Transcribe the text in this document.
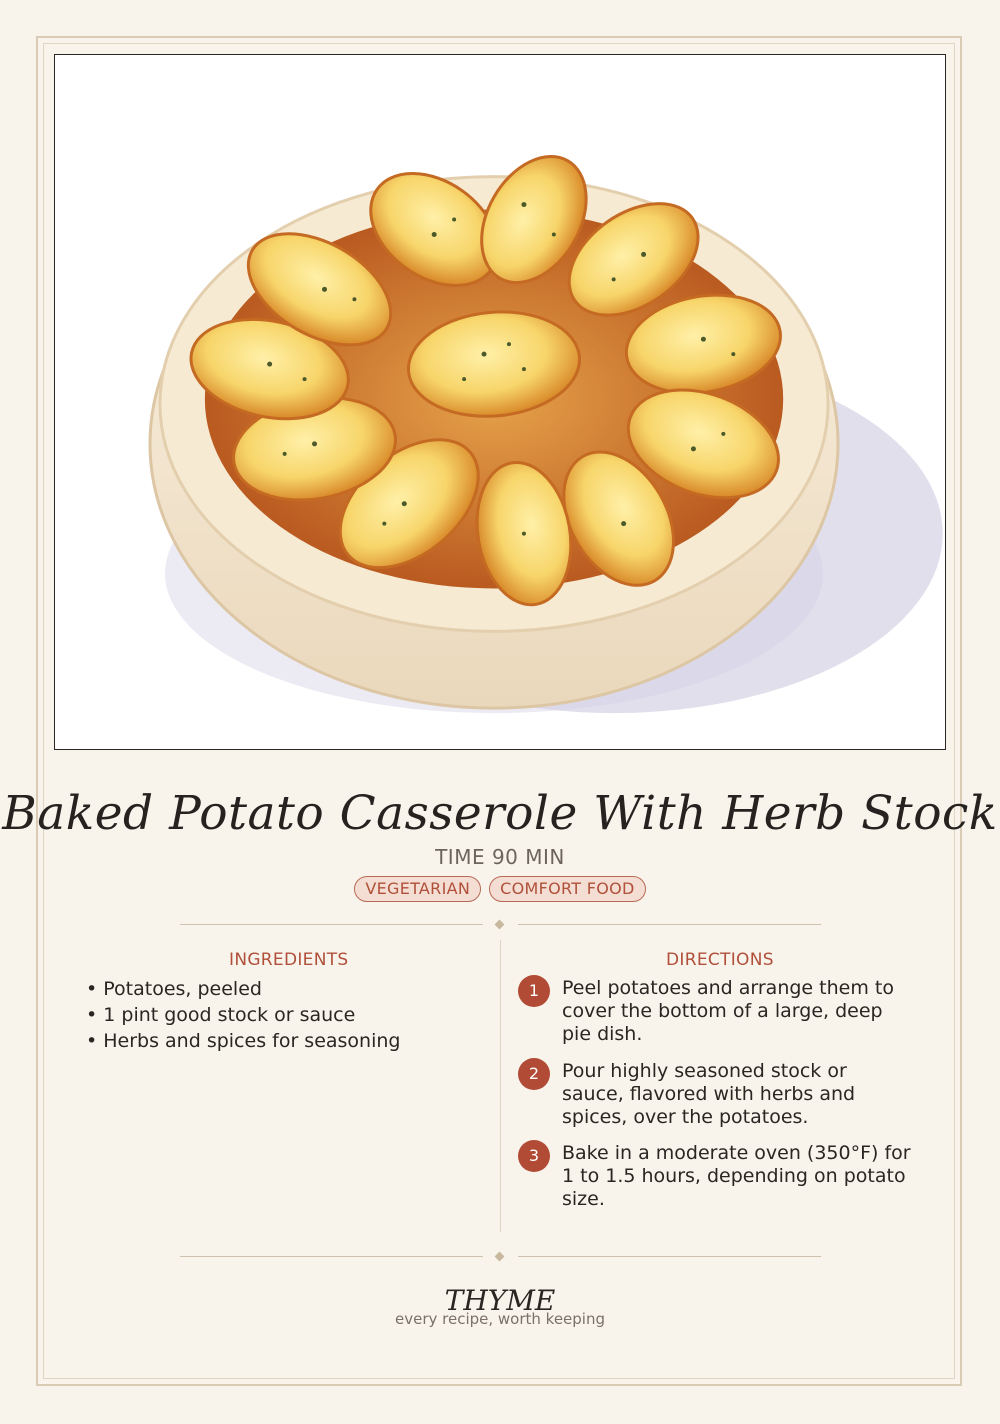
Baked Potato Casserole With Herb Stock
TIME 90 MIN
VEGETARIAN	COMFORT FOOD
INGREDIENTS
• Potatoes, peeled
• 1 pint good stock or sauce
• Herbs and spices for seasoning
DIRECTIONS
1	Peel potatoes and arrange them to cover the bottom of a large, deep pie dish.
2	Pour highly seasoned stock or sauce, flavored with herbs and spices, over the potatoes.
3	Bake in a moderate oven (350°F) for 1 to 1.5 hours, depending on potato size.
THYME
every recipe, worth keeping
